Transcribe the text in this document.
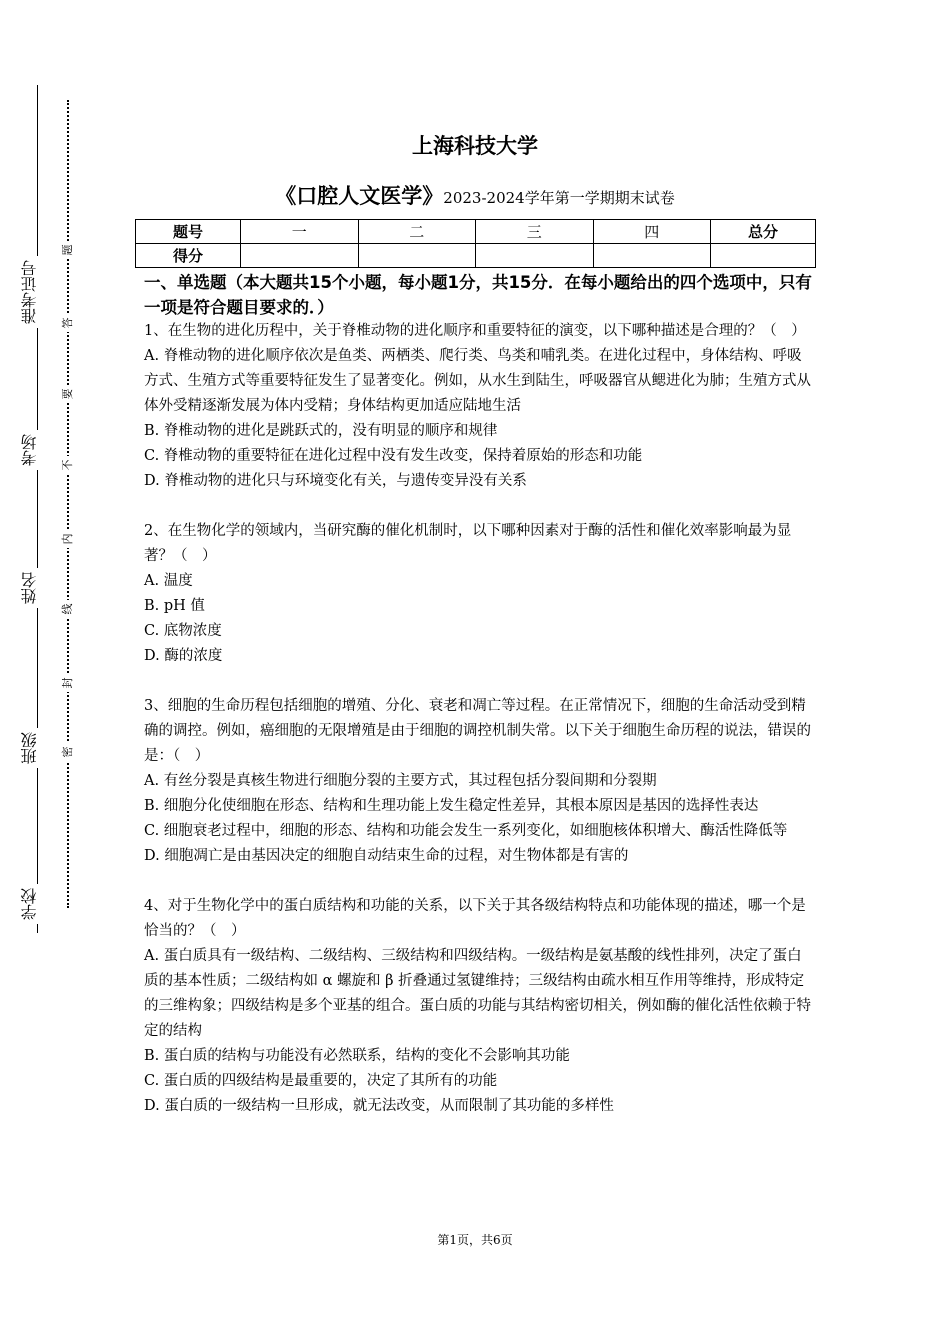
准考证号
考场
姓名
班级
学校
题
答
要
不
内
线
封
密
上海科技大学
《口腔人文医学》2023-2024学年第一学期期末试卷
题号	一	二	三	四	总分
得分					
一、单选题（本大题共15个小题，每小题1分，共15分．在每小题给出的四个选项中，只有一项是符合题目要求的．）

1、在生物的进化历程中，关于脊椎动物的进化顺序和重要特征的演变，以下哪种描述是合理的？（　）

A. 脊椎动物的进化顺序依次是鱼类、两栖类、爬行类、鸟类和哺乳类。在进化过程中，身体结构、呼吸方式、生殖方式等重要特征发生了显著变化。例如，从水生到陆生，呼吸器官从鳃进化为肺；生殖方式从体外受精逐渐发展为体内受精；身体结构更加适应陆地生活

B. 脊椎动物的进化是跳跃式的，没有明显的顺序和规律

C. 脊椎动物的重要特征在进化过程中没有发生改变，保持着原始的形态和功能

D. 脊椎动物的进化只与环境变化有关，与遗传变异没有关系

2、在生物化学的领域内，当研究酶的催化机制时，以下哪种因素对于酶的活性和催化效率影响最为显著？（　）

A. 温度

B. pH 值

C. 底物浓度

D. 酶的浓度

3、细胞的生命历程包括细胞的增殖、分化、衰老和凋亡等过程。在正常情况下，细胞的生命活动受到精确的调控。例如，癌细胞的无限增殖是由于细胞的调控机制失常。以下关于细胞生命历程的说法，错误的是：（　）

A. 有丝分裂是真核生物进行细胞分裂的主要方式，其过程包括分裂间期和分裂期

B. 细胞分化使细胞在形态、结构和生理功能上发生稳定性差异，其根本原因是基因的选择性表达

C. 细胞衰老过程中，细胞的形态、结构和功能会发生一系列变化，如细胞核体积增大、酶活性降低等

D. 细胞凋亡是由基因决定的细胞自动结束生命的过程，对生物体都是有害的

4、对于生物化学中的蛋白质结构和功能的关系，以下关于其各级结构特点和功能体现的描述，哪一个是恰当的？（　）

A. 蛋白质具有一级结构、二级结构、三级结构和四级结构。一级结构是氨基酸的线性排列，决定了蛋白质的基本性质；二级结构如 α 螺旋和 β 折叠通过氢键维持；三级结构由疏水相互作用等维持，形成特定的三维构象；四级结构是多个亚基的组合。蛋白质的功能与其结构密切相关，例如酶的催化活性依赖于特定的结构

B. 蛋白质的结构与功能没有必然联系，结构的变化不会影响其功能

C. 蛋白质的四级结构是最重要的，决定了其所有的功能

D. 蛋白质的一级结构一旦形成，就无法改变，从而限制了其功能的多样性

第1页，共6页
